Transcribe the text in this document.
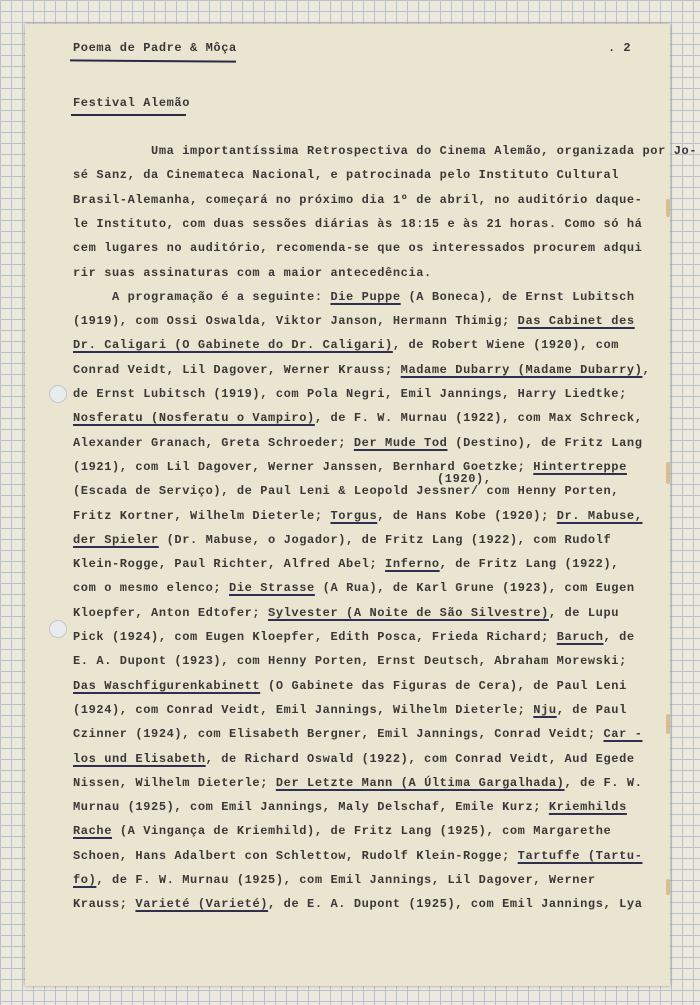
Poema de Padre & Môça	. 2
Festival Alemão
(1920),
Uma importantíssima Retrospectiva do Cinema Alemão, organizada por Jo-
sé Sanz, da Cinemateca Nacional, e patrocinada pelo Instituto Cultural
Brasil-Alemanha, começará no próximo dia 1º de abril, no auditório daque-
le Instituto, com duas sessões diárias às 18:15 e às 21 horas. Como só há
cem lugares no auditório, recomenda-se que os interessados procurem adqui
rir suas assinaturas com a maior antecedência.
A programação é a seguinte: Die Puppe (A Boneca), de Ernst Lubitsch
(1919), com Ossi Oswalda, Viktor Janson, Hermann Thimig; Das Cabinet des
Dr. Caligari (O Gabinete do Dr. Caligari), de Robert Wiene (1920), com
Conrad Veidt, Lil Dagover, Werner Krauss; Madame Dubarry (Madame Dubarry),
de Ernst Lubitsch (1919), com Pola Negri, Emil Jannings, Harry Liedtke;
Nosferatu (Nosferatu o Vampiro), de F. W. Murnau (1922), com Max Schreck,
Alexander Granach, Greta Schroeder; Der Mude Tod (Destino), de Fritz Lang
(1921), com Lil Dagover, Werner Janssen, Bernhard Goetzke; Hintertreppe
(Escada de Serviço), de Paul Leni & Leopold Jessner/ com Henny Porten,
Fritz Kortner, Wilhelm Dieterle; Torgus, de Hans Kobe (1920); Dr. Mabuse,
der Spieler (Dr. Mabuse, o Jogador), de Fritz Lang (1922), com Rudolf
Klein-Rogge, Paul Richter, Alfred Abel; Inferno, de Fritz Lang (1922),
com o mesmo elenco; Die Strasse (A Rua), de Karl Grune (1923), com Eugen
Kloepfer, Anton Edtofer; Sylvester (A Noite de São Silvestre), de Lupu
Pick (1924), com Eugen Kloepfer, Edith Posca, Frieda Richard; Baruch, de
E. A. Dupont (1923), com Henny Porten, Ernst Deutsch, Abraham Morewski;
Das Waschfigurenkabinett (O Gabinete das Figuras de Cera), de Paul Leni
(1924), com Conrad Veidt, Emil Jannings, Wilhelm Dieterle; Nju, de Paul
Czinner (1924), com Elisabeth Bergner, Emil Jannings, Conrad Veidt; Car -
los und Elisabeth, de Richard Oswald (1922), com Conrad Veidt, Aud Egede
Nissen, Wilhelm Dieterle; Der Letzte Mann (A Última Gargalhada), de F. W.
Murnau (1925), com Emil Jannings, Maly Delschaf, Emile Kurz; Kriemhilds
Rache (A Vingança de Kriemhild), de Fritz Lang (1925), com Margarethe
Schoen, Hans Adalbert con Schlettow, Rudolf Klein-Rogge; Tartuffe (Tartu-
fo), de F. W. Murnau (1925), com Emil Jannings, Lil Dagover, Werner
Krauss; Varieté (Varieté), de E. A. Dupont (1925), com Emil Jannings, Lya
